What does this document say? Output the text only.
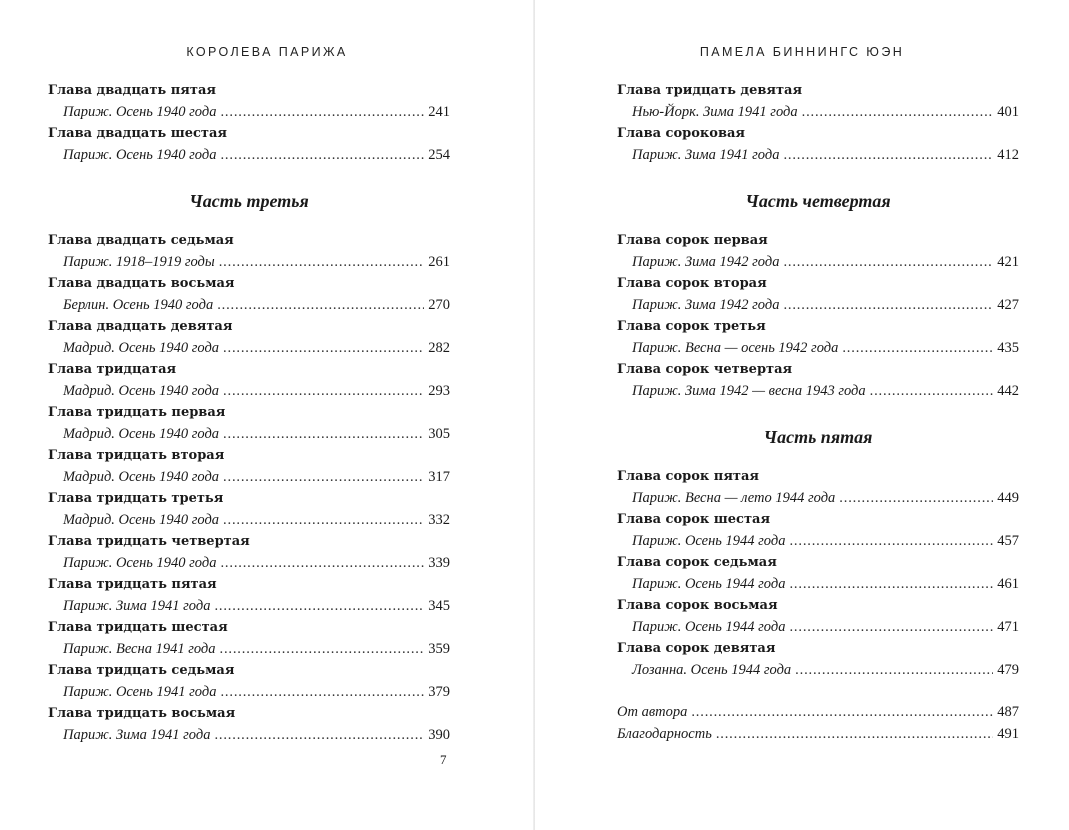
КОРОЛЕВА ПАРИЖА
Глава двадцать пятая
Париж. Осень 1940 года . . .	241
Глава двадцать шестая
Париж. Осень 1940 года . . .	254
Часть третья
Глава двадцать седьмая
Париж. 1918–1919 годы . . .	261
Глава двадцать восьмая
Берлин. Осень 1940 года . . .	270
Глава двадцать девятая
Мадрид. Осень 1940 года . . .	282
Глава тридцатая
Мадрид. Осень 1940 года . . .	293
Глава тридцать первая
Мадрид. Осень 1940 года . . .	305
Глава тридцать вторая
Мадрид. Осень 1940 года . . .	317
Глава тридцать третья
Мадрид. Осень 1940 года . . .	332
Глава тридцать четвертая
Париж. Осень 1940 года . . .	339
Глава тридцать пятая
Париж. Зима 1941 года . . .	345
Глава тридцать шестая
Париж. Весна 1941 года . . .	359
Глава тридцать седьмая
Париж. Осень 1941 года . . .	379
Глава тридцать восьмая
Париж. Зима 1941 года . . .	390
7
ПАМЕЛА БИННИНГС ЮЭН
Глава тридцать девятая
Нью-Йорк. Зима 1941 года . . .	401
Глава сороковая
Париж. Зима 1941 года . . .	412
Часть четвертая
Глава сорок первая
Париж. Зима 1942 года . . .	421
Глава сорок вторая
Париж. Зима 1942 года . . .	427
Глава сорок третья
Париж. Весна — осень 1942 года . . .	435
Глава сорок четвертая
Париж. Зима 1942 — весна 1943 года . . .	442
Часть пятая
Глава сорок пятая
Париж. Весна — лето 1944 года . . .	449
Глава сорок шестая
Париж. Осень 1944 года . . .	457
Глава сорок седьмая
Париж. Осень 1944 года . . .	461
Глава сорок восьмая
Париж. Осень 1944 года . . .	471
Глава сорок девятая
Лозанна. Осень 1944 года . . .	479
От автора . . .	487
Благодарность . . .	491
